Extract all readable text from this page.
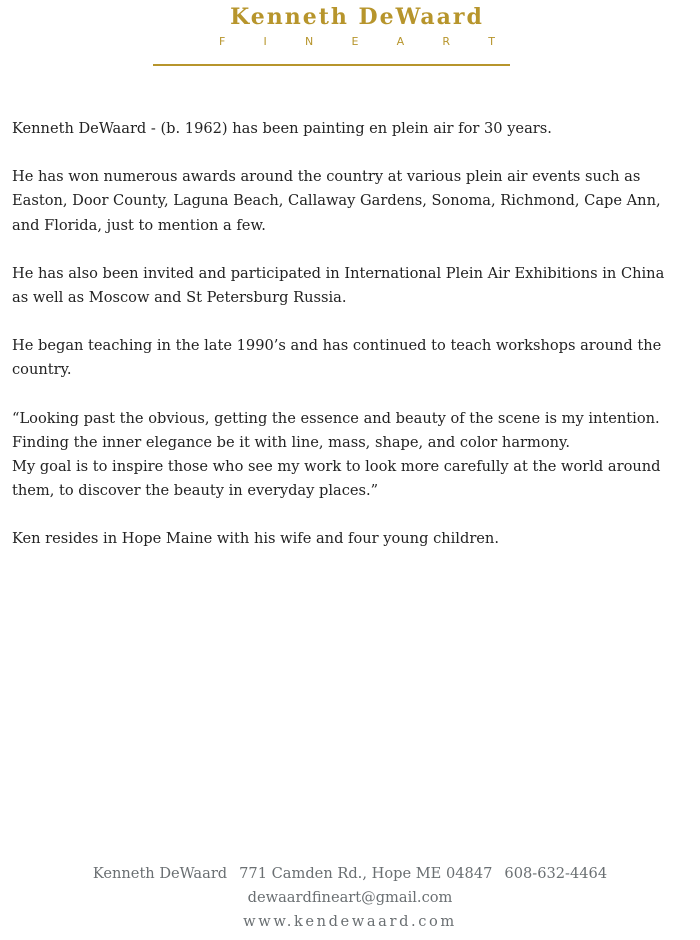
Kenneth DeWaard
F	I	N	E	A	R	T

Kenneth DeWaard - (b. 1962) has been painting en plein air for 30 years.

He has won numerous awards around the country at various plein air events such as Easton, Door County, Laguna Beach, Callaway Gardens, Sonoma, Richmond, Cape Ann, and Florida, just to mention a few.

He has also been invited and participated in International Plein Air Exhibitions in China as well as Moscow and St Petersburg Russia.

He began teaching in the late 1990’s and has continued to teach workshops around the country.

“Looking past the obvious, getting the essence and beauty of the scene is my intention.
Finding the inner elegance be it with line, mass, shape, and color harmony.
My goal is to inspire those who see my work to look more carefully at the world around them, to discover the beauty in everyday places.”

Ken resides in Hope Maine with his wife and four young children.

Kenneth DeWaard 771 Camden Rd., Hope ME 04847 608-632-4464
dewaardfineart@gmail.com
www.kendewaard.com
